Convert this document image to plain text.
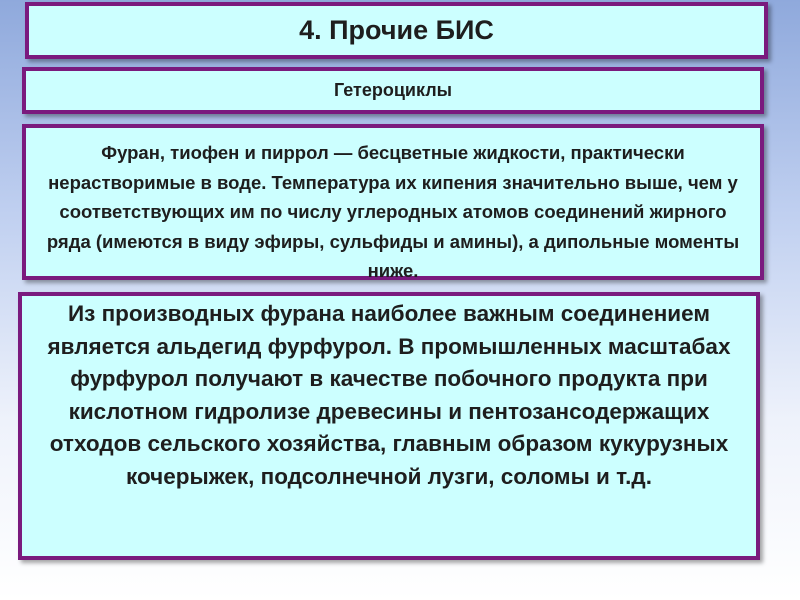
4. Прочие БИС
Гетероциклы

Фуран, тиофен и пиррол — бесцветные жидкости, практически нерастворимые в воде. Температура их кипения значительно выше, чем у соответствующих им по числу углеродных атомов соединений жирного ряда (имеются в виду эфиры, сульфиды и амины), а дипольные моменты ниже.

Из производных фурана наиболее важным соединением является альдегид фурфурол. В промышленных масштабах фурфурол получают в качестве побочного продукта при кислотном гидролизе древесины и пентозансодержащих отходов сельского хозяйства, главным образом кукурузных кочерыжек, подсолнечной лузги, соломы и т.д.
